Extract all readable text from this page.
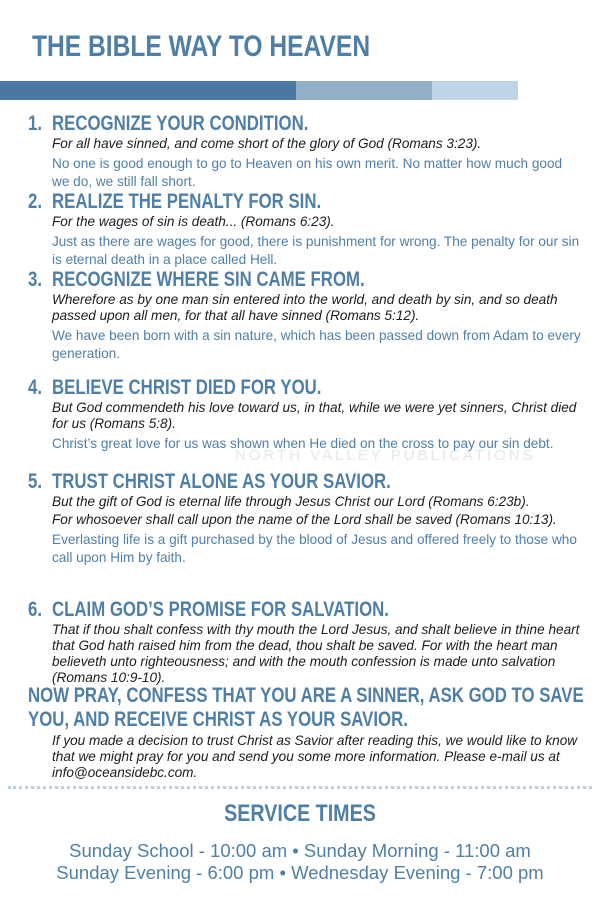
THE BIBLE WAY TO HEAVEN
1. RECOGNIZE YOUR CONDITION.
For all have sinned, and come short of the glory of God (Romans 3:23).
No one is good enough to go to Heaven on his own merit. No matter how much good we do, we still fall short.
2. REALIZE THE PENALTY FOR SIN.
For the wages of sin is death... (Romans 6:23).
Just as there are wages for good, there is punishment for wrong. The penalty for our sin is eternal death in a place called Hell.
3. RECOGNIZE WHERE SIN CAME FROM.
Wherefore as by one man sin entered into the world, and death by sin, and so death passed upon all men, for that all have sinned (Romans 5:12).
We have been born with a sin nature, which has been passed down from Adam to every generation.
4. BELIEVE CHRIST DIED FOR YOU.
But God commendeth his love toward us, in that, while we were yet sinners, Christ died for us (Romans 5:8).
Christ’s great love for us was shown when He died on the cross to pay our sin debt.
5. TRUST CHRIST ALONE AS YOUR SAVIOR.
But the gift of God is eternal life through Jesus Christ our Lord (Romans 6:23b).
For whosoever shall call upon the name of the Lord shall be saved (Romans 10:13).
Everlasting life is a gift purchased by the blood of Jesus and offered freely to those who call upon Him by faith.
6. CLAIM GOD’S PROMISE FOR SALVATION.
That if thou shalt confess with thy mouth the Lord Jesus, and shalt believe in thine heart that God hath raised him from the dead, thou shalt be saved. For with the heart man believeth unto righteousness; and with the mouth confession is made unto salvation (Romans 10:9-10).
NOW PRAY, CONFESS THAT YOU ARE A SINNER, ASK GOD TO SAVE YOU, AND RECEIVE CHRIST AS YOUR SAVIOR.
If you made a decision to trust Christ as Savior after reading this, we would like to know that we might pray for you and send you some more information. Please e-mail us at info@oceansidebc.com.
NORTH VALLEY PUBLICATIONS
SERVICE TIMES
Sunday School - 10:00 am • Sunday Morning - 11:00 am
Sunday Evening - 6:00 pm • Wednesday Evening - 7:00 pm
